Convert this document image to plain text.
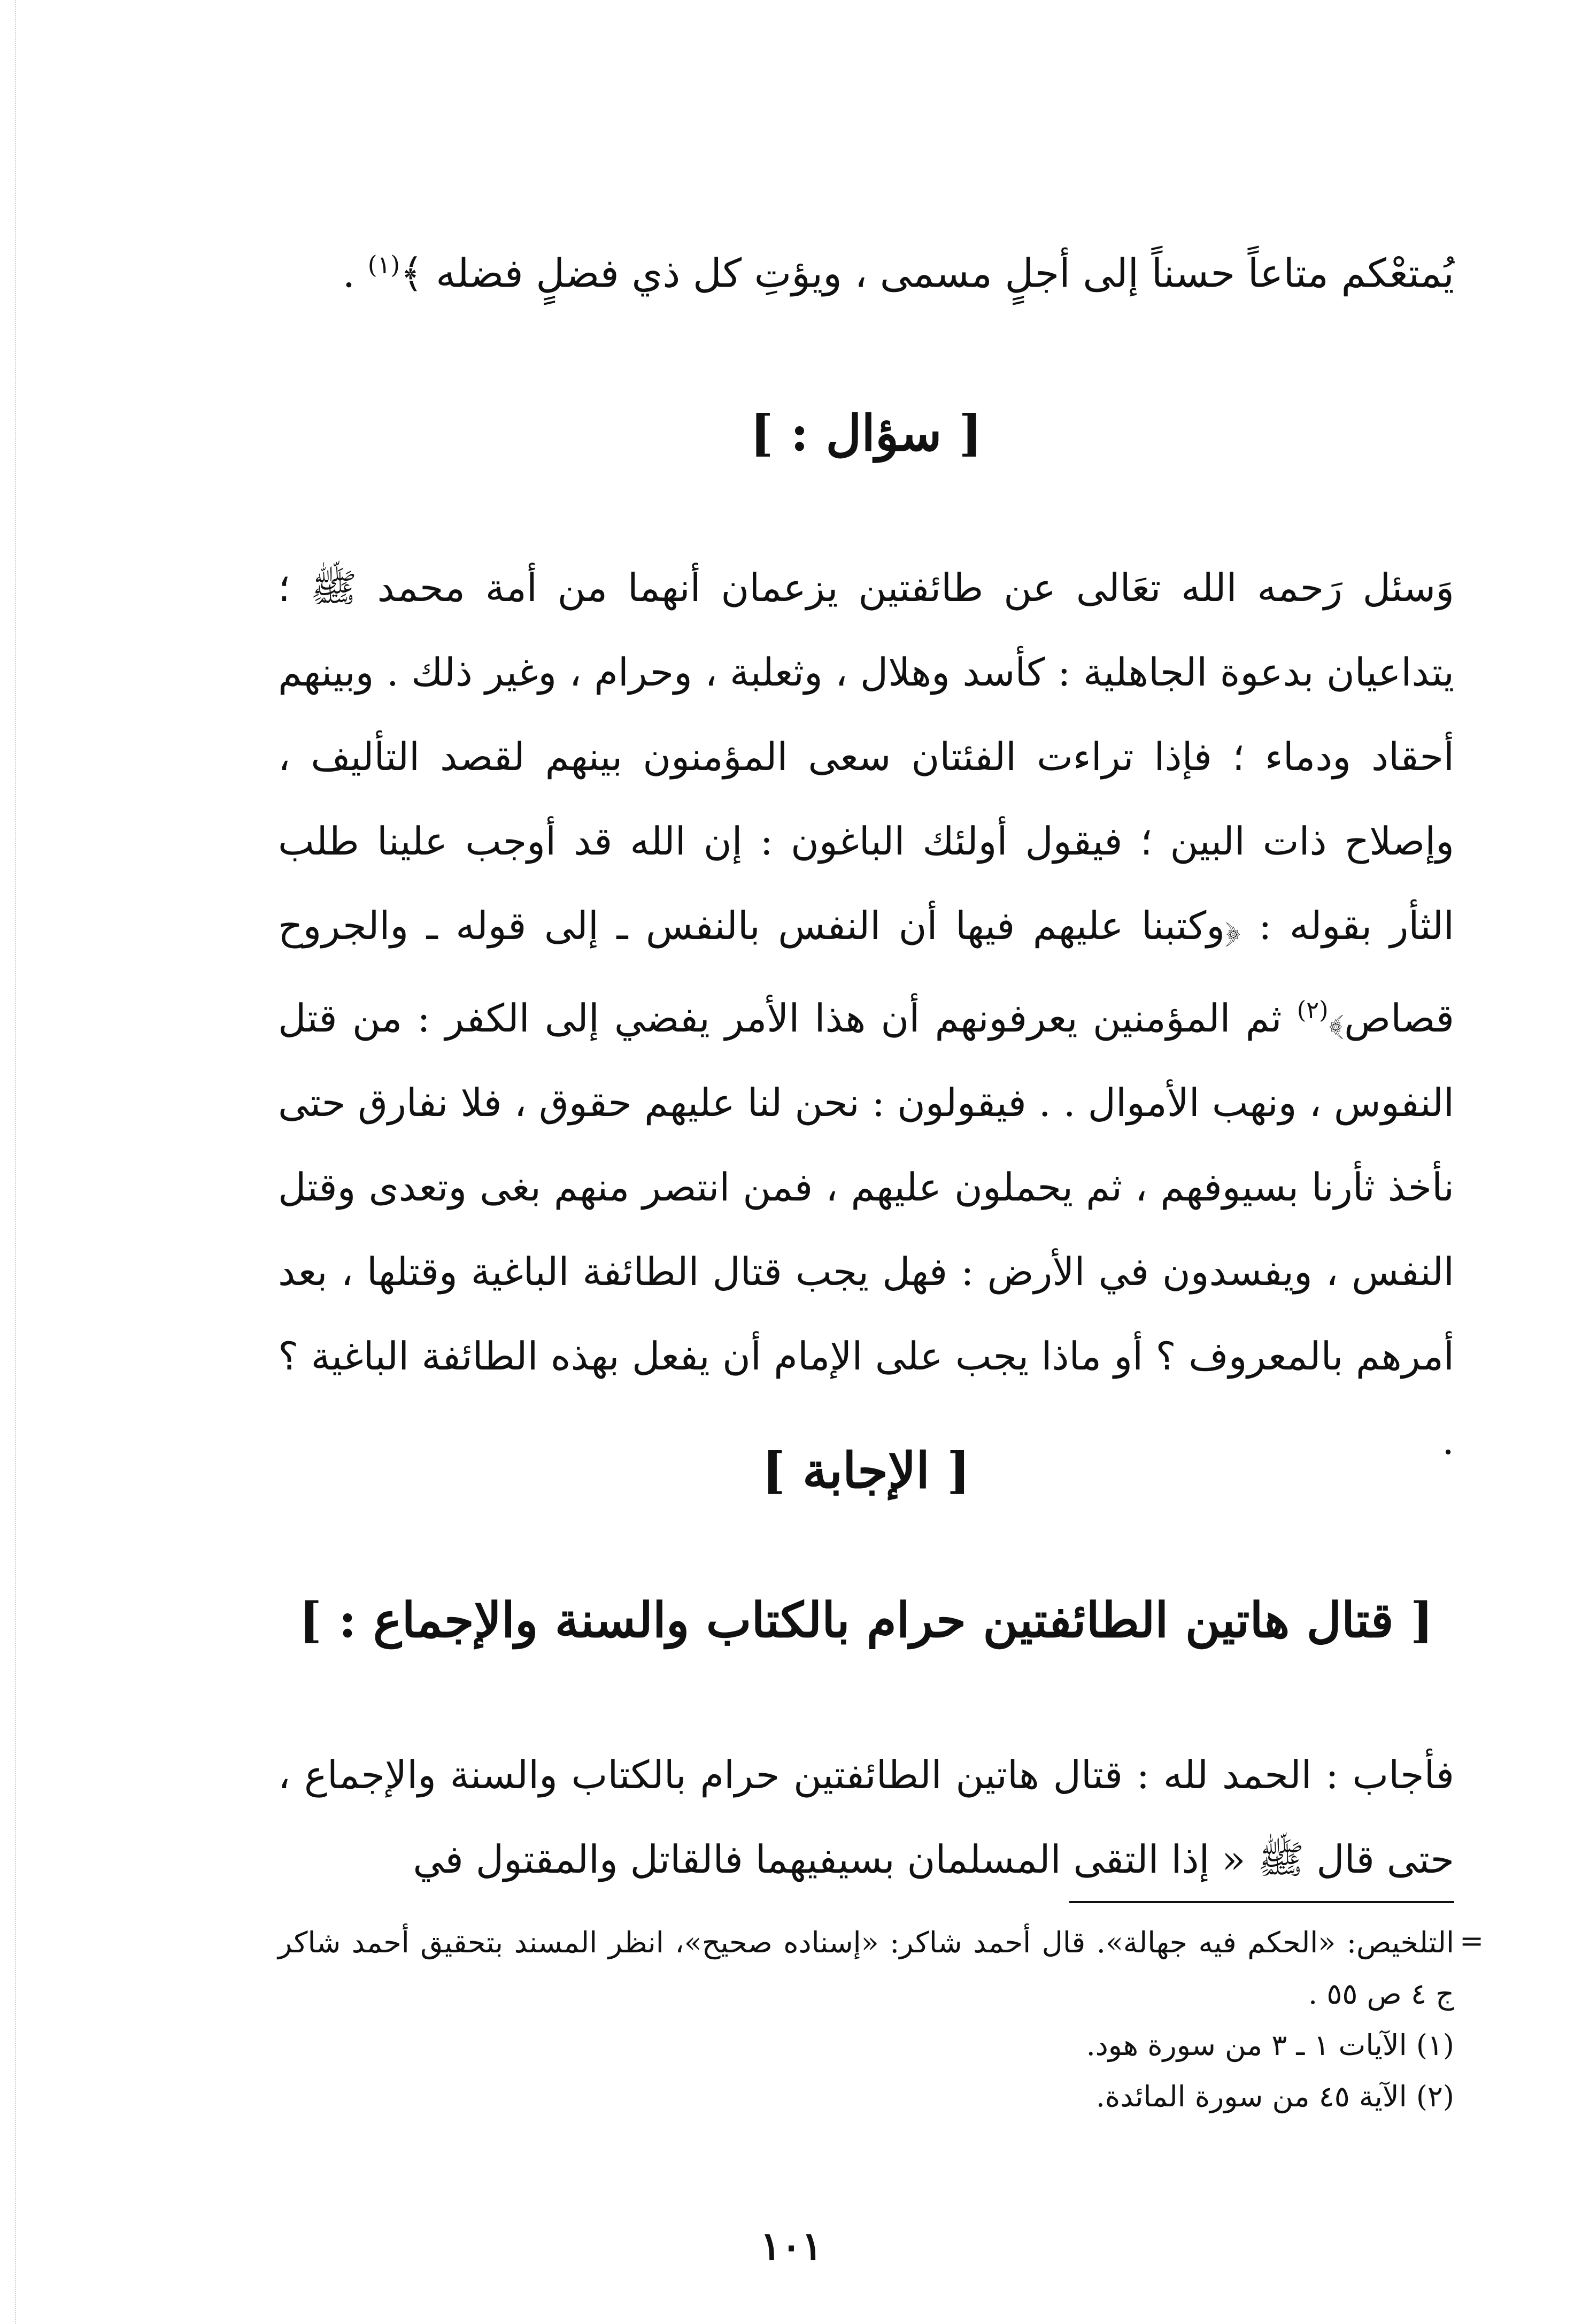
يُمتعْكم متاعاً حسناً إلى أجلٍ مسمى ، ويؤتِ كل ذي فضلٍ فضله ﴾$^{(١)}$ .
[ سؤال : ]

وَسئل رَحمه الله تعَالى عن طائفتين يزعمان أنهما من أمة محمد ﷺ ؛ يتداعيان بدعوة الجاهلية : كأسد وهلال ، وثعلبة ، وحرام ، وغير ذلك . وبينهم أحقاد ودماء ؛ فإذا تراءت الفئتان سعى المؤمنون بينهم لقصد التأليف ، وإصلاح ذات البين ؛ فيقول أولئك الباغون : إن الله قد أوجب علينا طلب الثأر بقوله : ﴿وكتبنا عليهم فيها أن النفس بالنفس ـ إلى قوله ـ والجروح قصاص﴾$^{(٢)}$ ثم المؤمنين يعرفونهم أن هذا الأمر يفضي إلى الكفر : من قتل النفوس ، ونهب الأموال . . فيقولون : نحن لنا عليهم حقوق ، فلا نفارق حتى نأخذ ثأرنا بسيوفهم ، ثم يحملون عليهم ، فمن انتصر منهم بغى وتعدى وقتل النفس ، ويفسدون في الأرض : فهل يجب قتال الطائفة الباغية وقتلها ، بعد أمرهم بالمعروف ؟ أو ماذا يجب على الإمام أن يفعل بهذه الطائفة الباغية ؟ .

[ الإجابة ]
[ قتال هاتين الطائفتين حرام بالكتاب والسنة والإجماع : ]

فأجاب : الحمد لله : قتال هاتين الطائفتين حرام بالكتاب والسنة والإجماع ، حتى قال ﷺ « إذا التقى المسلمان بسيفيهما فالقاتل والمقتول في

=

التلخيص: «الحكم فيه جهالة». قال أحمد شاكر: «إسناده صحيح»، انظر المسند بتحقيق أحمد شاكر ج ٤ ص ٥٥ .

(١) الآيات ١ ـ ٣ من سورة هود.

(٢) الآية ٤٥ من سورة المائدة.

١٠١
